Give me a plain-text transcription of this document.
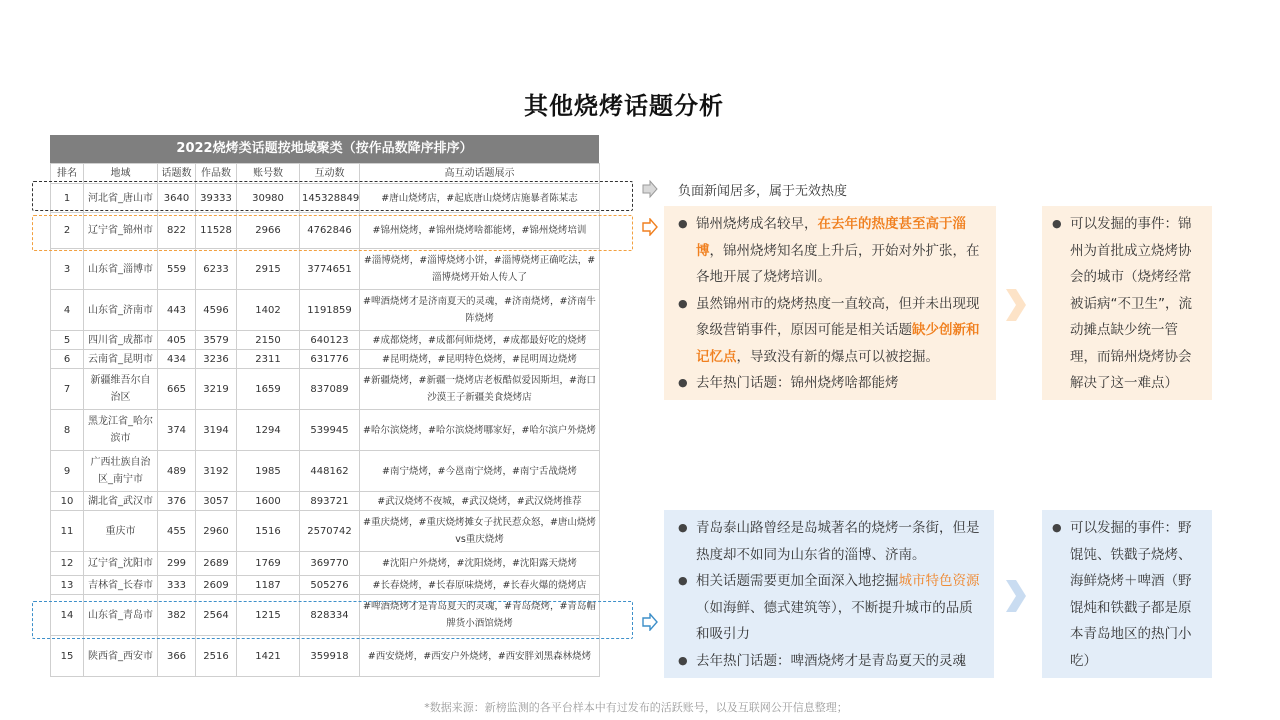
其他烧烤话题分析
2022烧烤类话题按地域聚类（按作品数降序排序）
排名	地域	话题数	作品数	账号数	互动数	高互动话题展示
1	河北省_唐山市	3640	39333	30980	145328849	#唐山烧烤店，#起底唐山烧烤店施暴者陈某志
2	辽宁省_锦州市	822	11528	2966	4762846	#锦州烧烤，#锦州烧烤啥都能烤，#锦州烧烤培训
3	山东省_淄博市	559	6233	2915	3774651	#淄博烧烤，#淄博烧烤小饼，#淄博烧烤正确吃法，#淄博烧烤开始人传人了
4	山东省_济南市	443	4596	1402	1191859	#啤酒烧烤才是济南夏天的灵魂，#济南烧烤，#济南牛阵烧烤
5	四川省_成都市	405	3579	2150	640123	#成都烧烤，#成都何师烧烤，#成都最好吃的烧烤
6	云南省_昆明市	434	3236	2311	631776	#昆明烧烤，#昆明特色烧烤，#昆明周边烧烤
7	新疆维吾尔自治区	665	3219	1659	837089	#新疆烧烤，#新疆一烧烤店老板酷似爱因斯坦，#海口沙漠王子新疆美食烧烤店
8	黑龙江省_哈尔滨市	374	3194	1294	539945	#哈尔滨烧烤，#哈尔滨烧烤哪家好，#哈尔滨户外烧烤
9	广西壮族自治区_南宁市	489	3192	1985	448162	#南宁烧烤，#今邕南宁烧烤，#南宁舌战烧烤
10	湖北省_武汉市	376	3057	1600	893721	#武汉烧烤不夜城，#武汉烧烤，#武汉烧烤推荐
11	重庆市	455	2960	1516	2570742	#重庆烧烤，#重庆烧烤摊女子扰民惹众怒，#唐山烧烤vs重庆烧烤
12	辽宁省_沈阳市	299	2689	1769	369770	#沈阳户外烧烤，#沈阳烧烤，#沈阳露天烧烤
13	吉林省_长春市	333	2609	1187	505276	#长春烧烤，#长春原味烧烤，#长春火爆的烧烤店
14	山东省_青岛市	382	2564	1215	828334	#啤酒烧烤才是青岛夏天的灵魂，#青岛烧烤，#青岛帽牌货小酒馆烧烤
15	陕西省_西安市	366	2516	1421	359918	#西安烧烤，#西安户外烧烤，#西安胖刘黑森林烧烤
负面新闻居多，属于无效热度
● 锦州烧烤成名较早，在去年的热度甚至高于淄博，锦州烧烤知名度上升后，开始对外扩张，在各地开展了烧烤培训。
● 虽然锦州市的烧烤热度一直较高，但并未出现现象级营销事件，原因可能是相关话题缺少创新和记忆点，导致没有新的爆点可以被挖掘。
● 去年热门话题：锦州烧烤啥都能烤
● 可以发掘的事件：锦州为首批成立烧烤协会的城市（烧烤经常被诟病“不卫生”，流动摊点缺少统一管理，而锦州烧烤协会解决了这一难点）
● 青岛泰山路曾经是岛城著名的烧烤一条街，但是热度却不如同为山东省的淄博、济南。
● 相关话题需要更加全面深入地挖掘城市特色资源（如海鲜、德式建筑等），不断提升城市的品质和吸引力
● 去年热门话题：啤酒烧烤才是青岛夏天的灵魂
● 可以发掘的事件：野馄饨、铁戳子烧烤、海鲜烧烤＋啤酒（野馄炖和铁戳子都是原本青岛地区的热门小吃）
*数据来源：新榜监测的各平台样本中有过发布的活跃账号，以及互联网公开信息整理；
